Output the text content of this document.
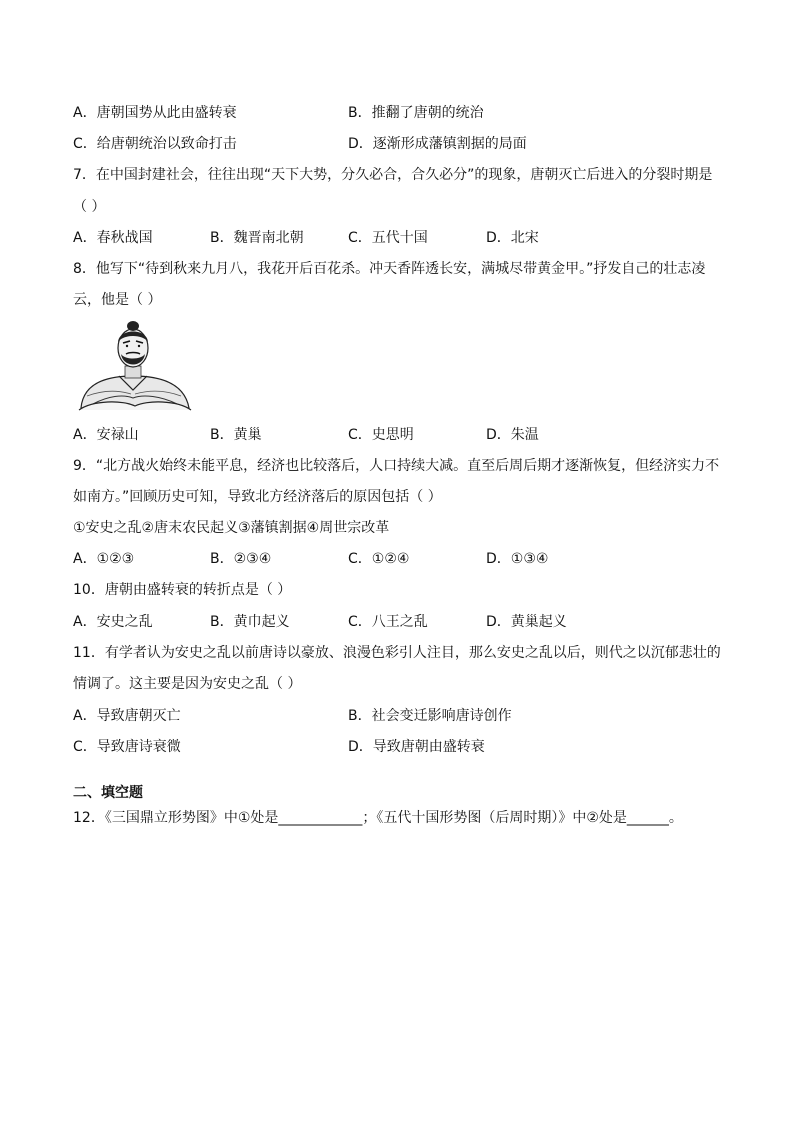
A．唐朝国势从此由盛转衰	B．推翻了唐朝的统治
C．给唐朝统治以致命打击	D．逐渐形成藩镇割据的局面
7．在中国封建社会，往往出现“天下大势，分久必合，合久必分”的现象，唐朝灭亡后进入的分裂时期是
（ ）
A．春秋战国	B．魏晋南北朝	C．五代十国	D．北宋
8．他写下“待到秋来九月八，我花开后百花杀。冲天香阵透长安，满城尽带黄金甲。”抒发自己的壮志凌
云，他是（ ）
A．安禄山	B．黄巢	C．史思明	D．朱温
9．“北方战火始终未能平息，经济也比较落后，人口持续大减。直至后周后期才逐渐恢复，但经济实力不
如南方。”回顾历史可知，导致北方经济落后的原因包括（ ）
①安史之乱②唐末农民起义③藩镇割据④周世宗改革
A．①②③	B．②③④	C．①②④	D．①③④
10．唐朝由盛转衰的转折点是（ ）
A．安史之乱	B．黄巾起义	C．八王之乱	D．黄巢起义
11．有学者认为安史之乱以前唐诗以豪放、浪漫色彩引人注目，那么安史之乱以后，则代之以沉郁悲壮的
情调了。这主要是因为安史之乱（ ）
A．导致唐朝灭亡	B．社会变迁影响唐诗创作
C．导致唐诗衰微	D．导致唐朝由盛转衰
二、填空题
12．《三国鼎立形势图》中①处是____________；《五代十国形势图（后周时期）》中②处是______。
